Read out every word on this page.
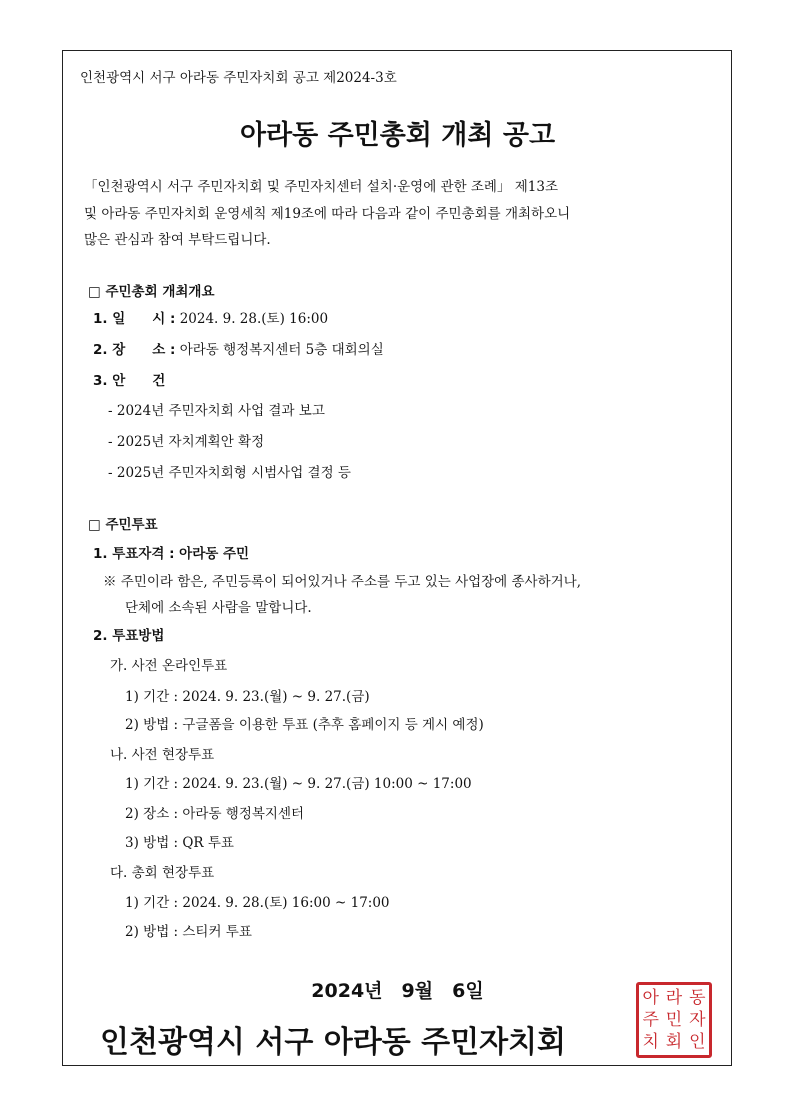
인천광역시 서구 아라동 주민자치회 공고 제2024-3호
아라동 주민총회 개최 공고
「인천광역시 서구 주민자치회 및 주민자치센터 설치·운영에 관한 조례」 제13조
및 아라동 주민자치회 운영세칙 제19조에 따라 다음과 같이 주민총회를 개최하오니
많은 관심과 참여 부탁드립니다.
□ 주민총회 개최개요
1. 일　　시 : 2024. 9. 28.(토) 16:00
2. 장　　소 : 아라동 행정복지센터 5층 대회의실
3. 안　　건
- 2024년 주민자치회 사업 결과 보고
- 2025년 자치계획안 확정
- 2025년 주민자치회형 시범사업 결정 등
□ 주민투표
1. 투표자격 : 아라동 주민
※ 주민이라 함은, 주민등록이 되어있거나 주소를 두고 있는 사업장에 종사하거나,
단체에 소속된 사람을 말합니다.
2. 투표방법
가. 사전 온라인투표
1) 기간 : 2024. 9. 23.(월) ~ 9. 27.(금)
2) 방법 : 구글폼을 이용한 투표 (추후 홈페이지 등 게시 예정)
나. 사전 현장투표
1) 기간 : 2024. 9. 23.(월) ~ 9. 27.(금) 10:00 ~ 17:00
2) 장소 : 아라동 행정복지센터
3) 방법 : QR 투표
다. 총회 현장투표
1) 기간 : 2024. 9. 28.(토) 16:00 ~ 17:00
2) 방법 : 스티커 투표
2024년　9월　6일
인천광역시 서구 아라동 주민자치회
아 라 동
주 민 자
치 회 인
